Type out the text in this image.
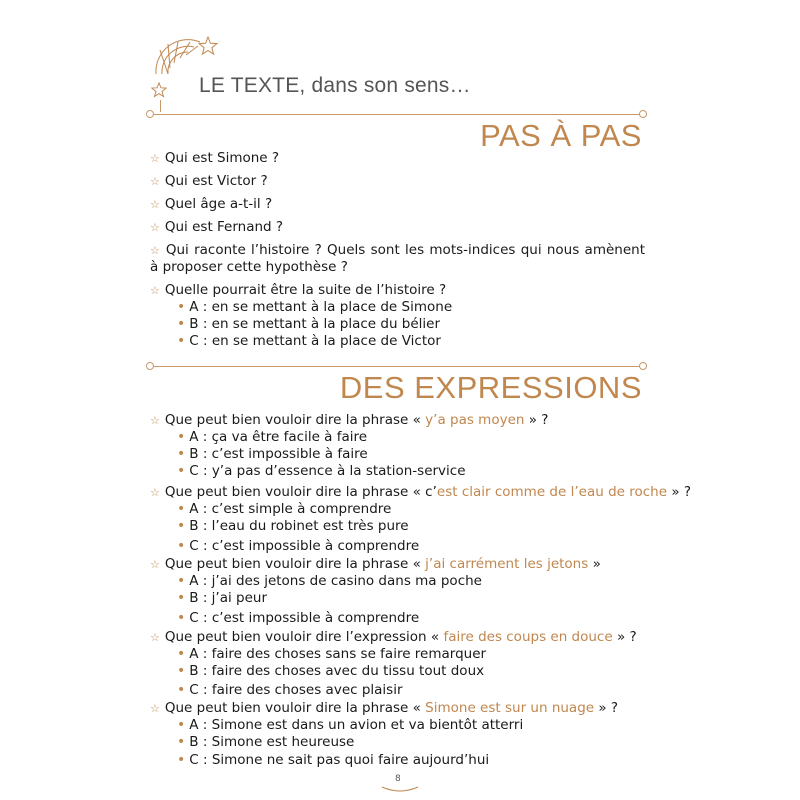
LE TEXTE, dans son sens…
PAS À PAS
☆ Qui est Simone ?
☆ Qui est Victor ?
☆ Quel âge a-t-il ?
☆ Qui est Fernand ?
☆ Qui raconte l’histoire ? Quels sont les mots-indices qui nous amènent à proposer cette hypothèse ?
☆ Quelle pourrait être la suite de l’histoire ?
• A : en se mettant à la place de Simone
• B : en se mettant à la place du bélier
• C : en se mettant à la place de Victor
DES EXPRESSIONS
☆ Que peut bien vouloir dire la phrase « y’a pas moyen » ?
• A : ça va être facile à faire
• B : c’est impossible à faire
• C : y’a pas d’essence à la station-service
☆ Que peut bien vouloir dire la phrase « c’est clair comme de l’eau de roche » ?
• A : c’est simple à comprendre
• B : l’eau du robinet est très pure
• C : c’est impossible à comprendre
☆ Que peut bien vouloir dire la phrase « j’ai carrément les jetons »
• A : j’ai des jetons de casino dans ma poche
• B : j’ai peur
• C : c’est impossible à comprendre
☆ Que peut bien vouloir dire l’expression « faire des coups en douce » ?
• A : faire des choses sans se faire remarquer
• B : faire des choses avec du tissu tout doux
• C : faire des choses avec plaisir
☆ Que peut bien vouloir dire la phrase « Simone est sur un nuage » ?
• A : Simone est dans un avion et va bientôt atterri
• B : Simone est heureuse
• C : Simone ne sait pas quoi faire aujourd’hui
8
